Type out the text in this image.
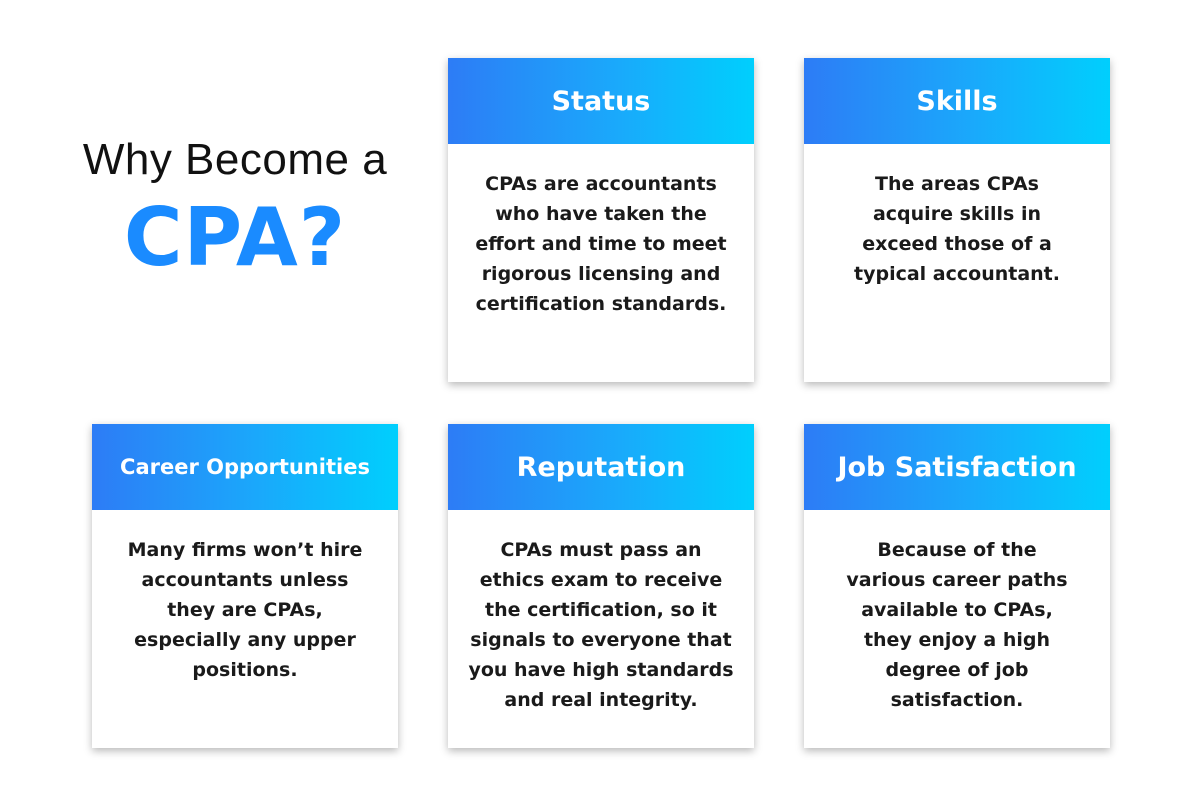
Why Become a
CPA?
Status
CPAs are accountants who have taken the effort and time to meet rigorous licensing and certification standards.
Skills
The areas CPAs acquire skills in exceed those of a typical accountant.
Career Opportunities
Many firms won’t hire accountants unless they are CPAs, especially any upper positions.
Reputation
CPAs must pass an ethics exam to receive the certification, so it signals to everyone that you have high standards and real integrity.
Job Satisfaction
Because of the various career paths available to CPAs, they enjoy a high degree of job satisfaction.
